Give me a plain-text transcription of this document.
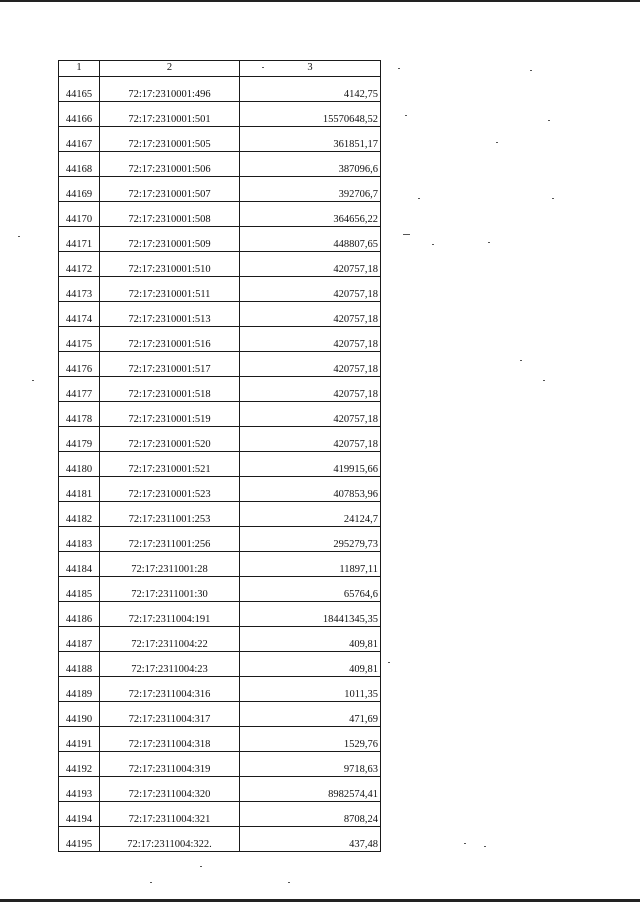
1	2	3
44165	72:17:2310001:496	4142,75
44166	72:17:2310001:501	15570648,52
44167	72:17:2310001:505	361851,17
44168	72:17:2310001:506	387096,6
44169	72:17:2310001:507	392706,7
44170	72:17:2310001:508	364656,22
44171	72:17:2310001:509	448807,65
44172	72:17:2310001:510	420757,18
44173	72:17:2310001:511	420757,18
44174	72:17:2310001:513	420757,18
44175	72:17:2310001:516	420757,18
44176	72:17:2310001:517	420757,18
44177	72:17:2310001:518	420757,18
44178	72:17:2310001:519	420757,18
44179	72:17:2310001:520	420757,18
44180	72:17:2310001:521	419915,66
44181	72:17:2310001:523	407853,96
44182	72:17:2311001:253	24124,7
44183	72:17:2311001:256	295279,73
44184	72:17:2311001:28	11897,11
44185	72:17:2311001:30	65764,6
44186	72:17:2311004:191	18441345,35
44187	72:17:2311004:22	409,81
44188	72:17:2311004:23	409,81
44189	72:17:2311004:316	1011,35
44190	72:17:2311004:317	471,69
44191	72:17:2311004:318	1529,76
44192	72:17:2311004:319	9718,63
44193	72:17:2311004:320	8982574,41
44194	72:17:2311004:321	8708,24
44195	72:17:2311004:322.	437,48
